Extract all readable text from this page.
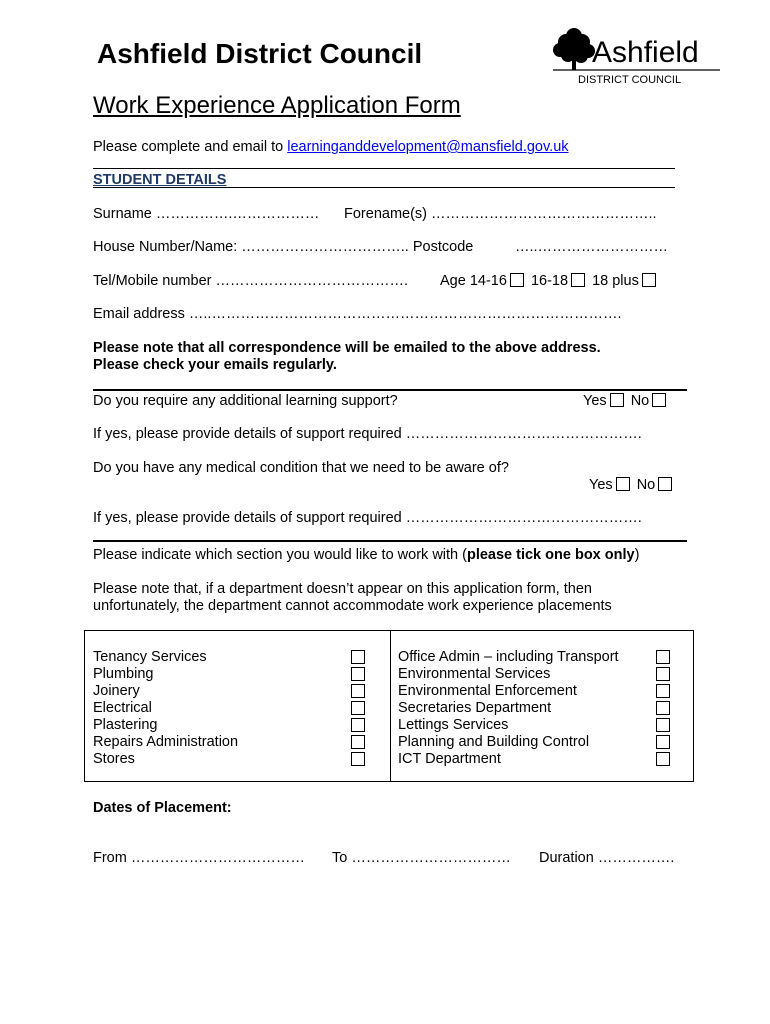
Ashfield District Council
Work Experience Application Form
Ashfield
DISTRICT COUNCIL
Please complete and email to learninganddevelopment@mansfield.gov.uk
STUDENT DETAILS
Surname …………….……………… Forename(s) ………………………………………..
House Number/Name: …………………………….. Postcode	…..………………………
Tel/Mobile number …………………………………. Age 14-16 16-18 18 plus
Email address …..………………………………………………………………………….
Please note that all correspondence will be emailed to the above address.
Please check your emails regularly.
Do you require any additional learning support?	Yes No
If yes, please provide details of support required ………………………………………….
Do you have any medical condition that we need to be aware of?
Yes No
If yes, please provide details of support required ………………………………………….
Please indicate which section you would like to work with (please tick one box only)
Please note that, if a department doesn’t appear on this application form, then
unfortunately, the department cannot accommodate work experience placements
Tenancy Services
Plumbing
Joinery
Electrical
Plastering
Repairs Administration
Stores
Office Admin – including Transport
Environmental Services
Environmental Enforcement
Secretaries Department
Lettings Services
Planning and Building Control
ICT Department
Dates of Placement:
From ……………………………… To …………………………… Duration …………….
